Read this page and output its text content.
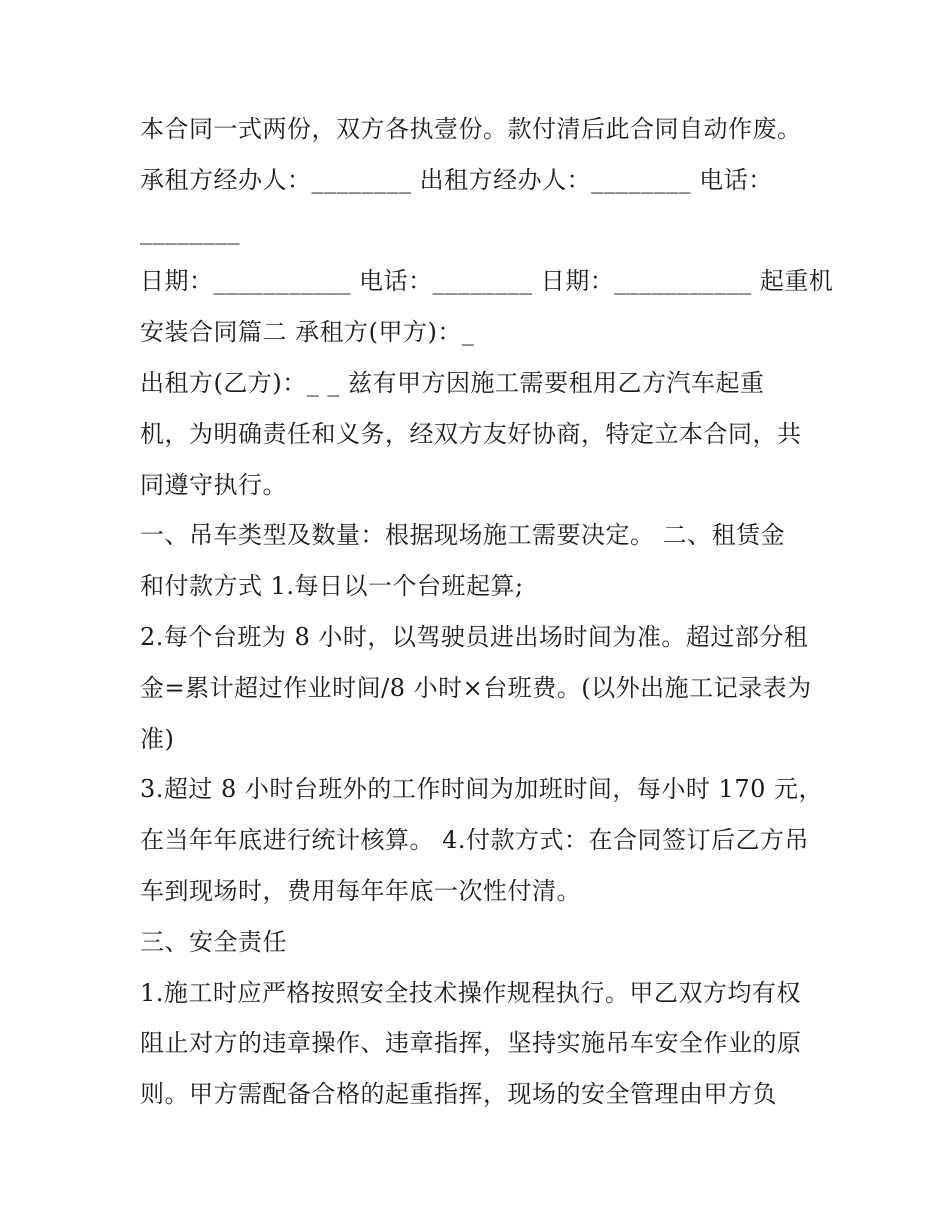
本合同一式两份，双方各执壹份。款付清后此合同自动作废。
承租方经办人：________ 出租方经办人：________ 电话：
________
日期：___________ 电话：________ 日期：___________ 起重机
安装合同篇二 承租方(甲方)：_
出租方(乙方)：_ _ 兹有甲方因施工需要租用乙方汽车起重
机，为明确责任和义务，经双方友好协商，特定立本合同，共
同遵守执行。
一、吊车类型及数量：根据现场施工需要决定。 二、租赁金
和付款方式 1.每日以一个台班起算;
2.每个台班为 8 小时，以驾驶员进出场时间为准。超过部分租
金=累计超过作业时间/8 小时×台班费。(以外出施工记录表为
准)
3.超过 8 小时台班外的工作时间为加班时间，每小时 170 元，
在当年年底进行统计核算。 4.付款方式：在合同签订后乙方吊
车到现场时，费用每年年底一次性付清。
三、安全责任
1.施工时应严格按照安全技术操作规程执行。甲乙双方均有权
阻止对方的违章操作、违章指挥，坚持实施吊车安全作业的原
则。甲方需配备合格的起重指挥，现场的安全管理由甲方负
